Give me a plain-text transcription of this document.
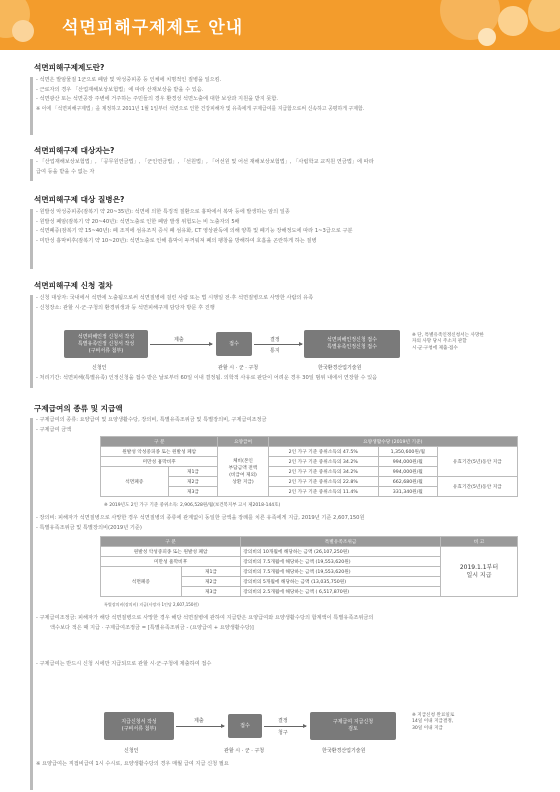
석면피해구제제도 안내
석면피해구제제도란?
- 석면은 발암물질 1군으로 폐암 및 악성중피종 등 인체에 치명적인 질병을 일으킴.
- 근로자의 경우 「산업재해보상보험법」에 따라 산재보상을 받을 수 있음.
- 석면광산 또는 석면공장 주변에 거주하는 주민들의 경우 환경성 석면노출에 대한 보상과 지원을 받지 못함.
※ 이에 「석면피해구제법」을 제정하고 2011년 1월 1일부터 석면으로 인한 건강피해자 및 유족에게 구제급여를 지급함으로써 신속하고 공평하게 구제함.
석면피해구제 대상자는?
- 「산업재해보상보험법」, 「공무원연금법」, 「군인연금법」, 「선원법」, 「어선원 및 어선 재해보상보험법」, 「사립학교 교직원 연금법」에 따라
급여 등을 받을 수 없는 자
석면피해구제 대상 질병은?
- 원발성 악성중피종(잠복기 약 20~35년): 석면에 의한 특징적 질환으로 흉막에서 복막 등에 발생하는 암의 일종
- 원발성 폐암(잠복기 약 20~40년): 석면노출로 인한 폐암 발생 위험도는 비 노출자의 5배
- 석면폐증(잠복기 약 15~40년): 폐 조직에 섬유조직 증식 폐 섬유화, CT 영상판독에 의해 양쪽 및 폐기능 장해정도에 따라 1~3급으로 구분
- 미만성 흉막비후(잠복기 약 10~20년): 석면노출로 인해 흉막이 두꺼워져 폐의 팽창을 방해하여 호흡을 곤란하게 하는 질병
석면피해구제 신청 절차
- 신청 대상자: 국내에서 석면에 노출됨으로써 석면질병에 걸린 사람 또는 법 시행일 전·후 석면질병으로 사망한 사람의 유족
- 신청장소: 관할 시·군·구청의 환경위생과 등 석면피해구제 담당자 방문 후 진행
석면피해인정 신청서 작성
특별유족인정 신청서 작성
(구비서류 첨부)
제출
접수
결정
통지
석면피해인정신청 접수
특별유족인정신청 접수
※ 단, 특별유족인정신청서는 사망한
자의 사망 당시 주소지 관할
시·군·구청에 제출·접수
신청인	관할 시 · 군 · 구청	한국환경산업기술원
- 처리기간: 석면피해(특별유족) 인정신청을 접수 받은 날로부터 60일 이내 결정됨. 의학적 사유로 판단이 어려운 경우 30일 범위 내에서 연장할 수 있음
구제급여의 종류 및 지급액
- 구제급여의 종류: 요양급여 및 요양생활수당, 장의비, 특별유족조위금 및 특별장의비, 구제급여조정금
- 구제급여 금액
구 분		요양급여	요양생활수당 (2019년 기준)		
원발성 악성중피종 또는 원발성 폐암		체비(본인
부담금액 전액
(비급여 제외)
상환 지급)	2인 가구 기준 중위소득의 47.5%	1,350,600원/월	유효기간(5년)동안 지급
미만성 흉막비후			2인 가구 기준 중위소득의 34.2%	994,000원/월	
석면폐증	제1급		2인 가구 기준 중위소득의 34.2%	994,000원/월	
	제2급		2인 가구 기준 중위소득의 22.8%	662,680원/월	유효기간(5년)동안 지급
	제3급		2인 가구 기준 중위소득의 11.4%	331,340원/월	
※ 2019년도 2인 가구 기준 중위소득: 2,906,528원/월(보건복지부 고시 제2018-144호)
- 장의비: 피해자가 석면질병으로 사망한 경우 석면질병의 종류에 관계없이 동일한 금액을 장례를 치른 유족에게 지급, 2019년 기준 2,607,150원
- 특별유족조위금 및 특별장의비(2019년 기준)
구 분		특별유족조위금	비 고
원발성 악성중피종 또는 원발성 폐암		장의비의 10개월에 해당하는 금액 (26,107,250원)	2019.1.1부터
일시 지급
미만성 흉막비후		장의비의 7.5개월에 해당하는 금액 (19,553,620원)	
석면폐증	제1급	장의비의 7.5개월에 해당하는 금액 (19,553,620원)	
	제2급	장의비의 5개월에 해당하는 금액 (13,035,750원)	
	제3급	장의비의 2.5개월에 해당하는 금액 ( 6,517,870원)	
특별장의비(장의비) 지급(사망자 1인당 2,607,150원)
- 구제급여조정금: 피해자가 해당 석면질병으로 사망한 경우 해당 석면질병에 관하여 지급받은 요양급여와 요양생활수당의 합계액이 특별유족조위금의
액수보다 적은 때 지급 · 구제급여조정금 = [특별유족조위금 - (요양급여 + 요양생활수당)]
- 구제급여는 반드시 신청 시에만 지급되므로 관할 시·군·구청에 제출하여 접수
지급신청서 작성
(구비서류 첨부)
제출
접수
결정
청구
구제급여 지급신청
검토
※ 지급신청 완료일로
14일 이내 지급결정,
30일 이내 지급
신청인	관할 시 · 군 · 구청	한국환경산업기술원
※ 요양급여는 직접비급여 1시 수시로, 요양생활수당의 경우 매월 급여 지급 신청 필요
